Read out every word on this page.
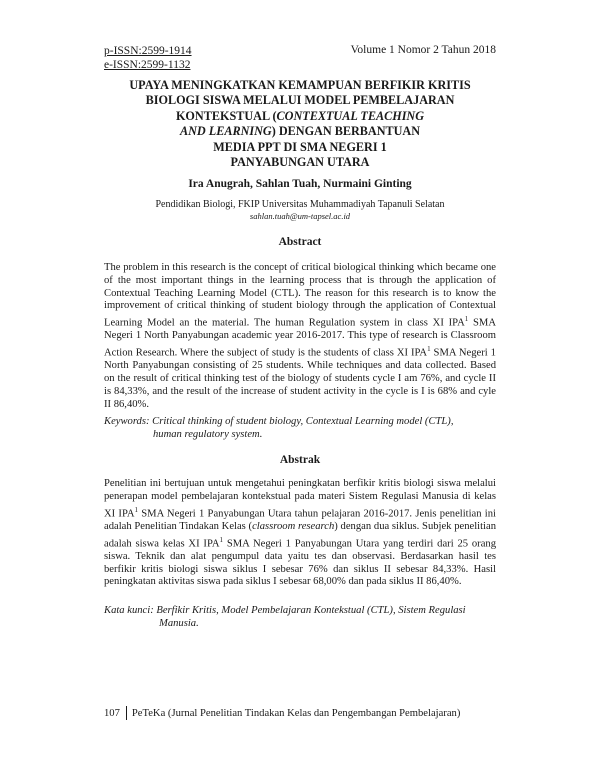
p-ISSN:2599-1914
e-ISSN:2599-1132
Volume 1 Nomor 2 Tahun 2018
UPAYA MENINGKATKAN KEMAMPUAN BERFIKIR KRITIS
BIOLOGI SISWA MELALUI MODEL PEMBELAJARAN
KONTEKSTUAL (CONTEXTUAL TEACHING
AND LEARNING) DENGAN BERBANTUAN
MEDIA PPT DI SMA NEGERI 1
PANYABUNGAN UTARA
Ira Anugrah, Sahlan Tuah, Nurmaini Ginting
Pendidikan Biologi, FKIP Universitas Muhammadiyah Tapanuli Selatan
sahlan.tuah@um-tapsel.ac.id
Abstract
The problem in this research is the concept of critical biological thinking which became one of the most important things in the learning process that is through the application of Contextual Teaching Learning Model (CTL). The reason for this research is to know the improvement of critical thinking of student biology through the application of Contextual Learning Model an the material. The human Regulation system in class XI IPA$^1$ SMA Negeri 1 North Panyabungan academic year 2016-2017. This type of research is Classroom Action Research. Where the subject of study is the students of class XI IPA$^1$ SMA Negeri 1 North Panyabungan consisting of 25 students. While techniques and data collected. Based on the result of critical thinking test of the biology of students cycle I am 76%, and cycle II is 84,33%, and the result of the increase of student activity in the cycle is I is 68% and cyle II 86,40%.
Keywords: Critical thinking of student biology, Contextual Learning model (CTL),
human regulatory system.
Abstrak
Penelitian ini bertujuan untuk mengetahui peningkatan berfikir kritis biologi siswa melalui penerapan model pembelajaran kontekstual pada materi Sistem Regulasi Manusia di kelas XI IPA$^1$ SMA Negeri 1 Panyabungan Utara tahun pelajaran 2016-2017. Jenis penelitian ini adalah Penelitian Tindakan Kelas (classroom research) dengan dua siklus. Subjek penelitian adalah siswa kelas XI IPA$^1$ SMA Negeri 1 Panyabungan Utara yang terdiri dari 25 orang siswa. Teknik dan alat pengumpul data yaitu tes dan observasi. Berdasarkan hasil tes berfikir kritis biologi siswa siklus I sebesar 76% dan siklus II sebesar 84,33%. Hasil peningkatan aktivitas siswa pada siklus I sebesar 68,00% dan pada siklus II 86,40%.
Kata kunci: Berfikir Kritis, Model Pembelajaran Kontekstual (CTL), Sistem Regulasi
Manusia.
107 PeTeKa (Jurnal Penelitian Tindakan Kelas dan Pengembangan Pembelajaran)
